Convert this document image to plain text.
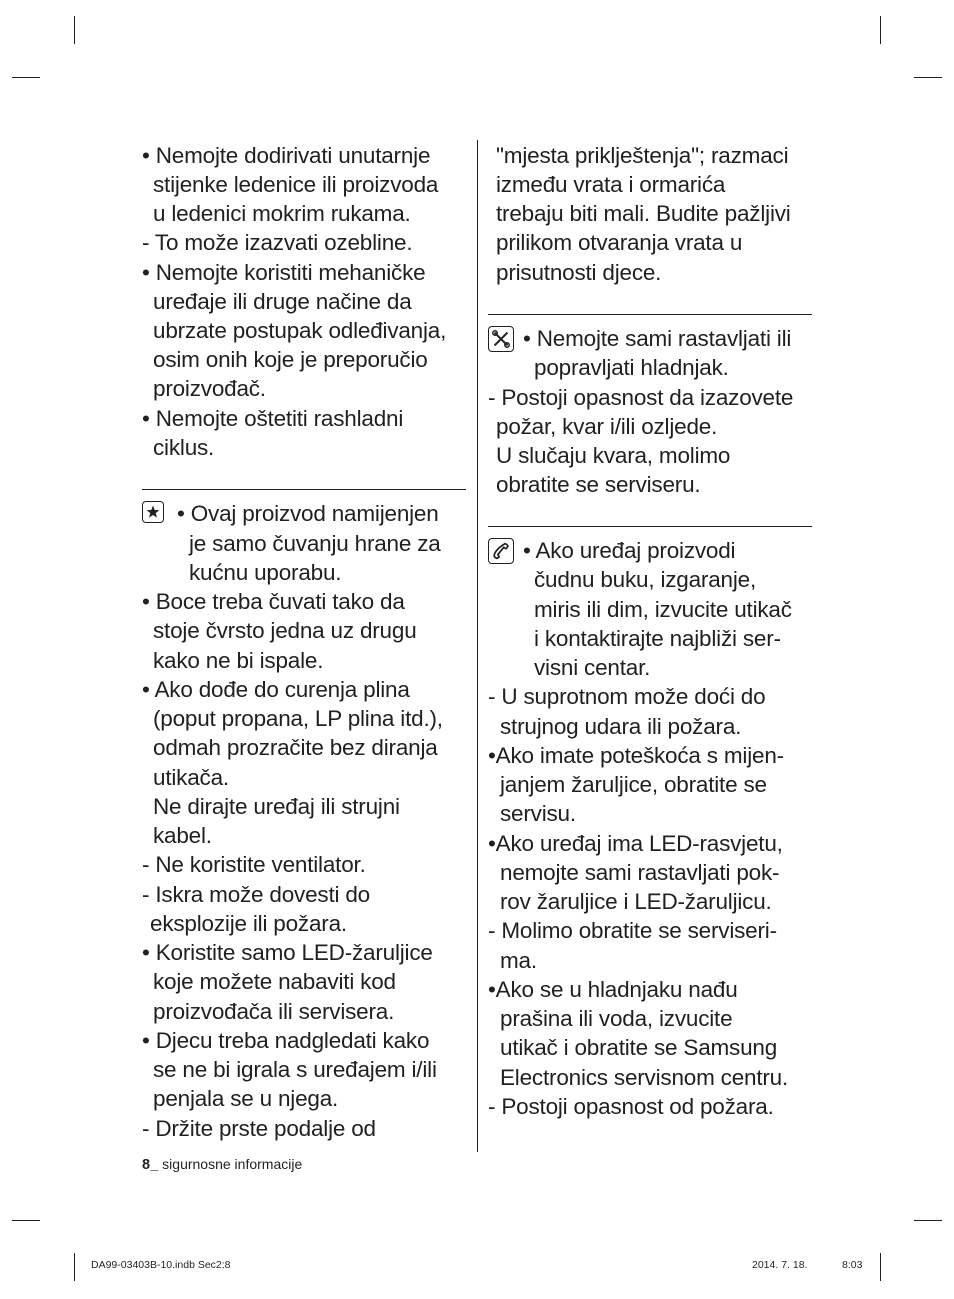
• Nemojte dodirivati unutarnje
stijenke ledenice ili proizvoda
u ledenici mokrim rukama.
- To može izazvati ozebline.
• Nemojte koristiti mehaničke
uređaje ili druge načine da
ubrzate postupak odleđivanja,
osim onih koje je preporučio
proizvođač.
• Nemojte oštetiti rashladni
ciklus.
• Ovaj proizvod namijenjen
je samo čuvanju hrane za
kućnu uporabu.
• Boce treba čuvati tako da
stoje čvrsto jedna uz drugu
kako ne bi ispale.
• Ako dođe do curenja plina
(poput propana, LP plina itd.),
odmah prozračite bez diranja
utikača.
Ne dirajte uređaj ili strujni
kabel.
- Ne koristite ventilator.
- Iskra može dovesti do
eksplozije ili požara.
• Koristite samo LED-žaruljice
koje možete nabaviti kod
proizvođača ili servisera.
• Djecu treba nadgledati kako
se ne bi igrala s uređajem i/ili
penjala se u njega.
- Držite prste podalje od
"mjesta priklještenja"; razmaci
između vrata i ormarića
trebaju biti mali. Budite pažljivi
prilikom otvaranja vrata u
prisutnosti djece.
• Nemojte sami rastavljati ili
popravljati hladnjak.
- Postoji opasnost da izazovete
požar, kvar i/ili ozljede.
U slučaju kvara, molimo
obratite se serviseru.
• Ako uređaj proizvodi
čudnu buku, izgaranje,
miris ili dim, izvucite utikač
i kontaktirajte najbliži ser-
visni centar.
- U suprotnom može doći do
strujnog udara ili požara.
•Ako imate poteškoća s mijen-
janjem žaruljice, obratite se
servisu.
•Ako uređaj ima LED-rasvjetu,
nemojte sami rastavljati pok-
rov žaruljice i LED-žaruljicu.
- Molimo obratite se serviseri-
ma.
•Ako se u hladnjaku nađu
prašina ili voda, izvucite
utikač i obratite se Samsung
Electronics servisnom centru.
- Postoji opasnost od požara.
8_ sigurnosne informacije
DA99-03403B-10.indb Sec2:8	2014. 7. 18.	8:03
